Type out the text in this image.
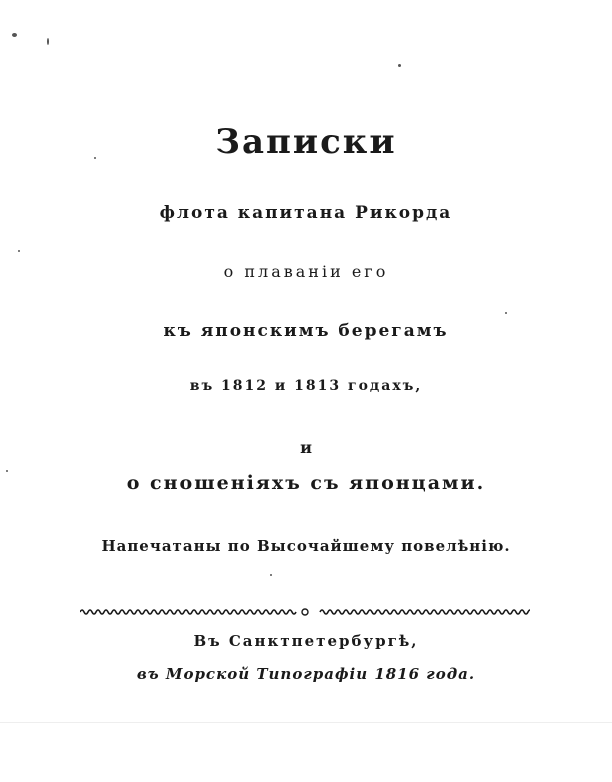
Записки
флота капитана Рикорда
о плаванiи его
къ японскимъ берегамъ
въ 1812 и 1813 годахъ,
и
о сношенiяхъ съ японцами.
Напечатаны по Высочайшему повелѣнiю.
Въ Санктпетербургѣ,
въ Морской Типографiи 1816 года.
